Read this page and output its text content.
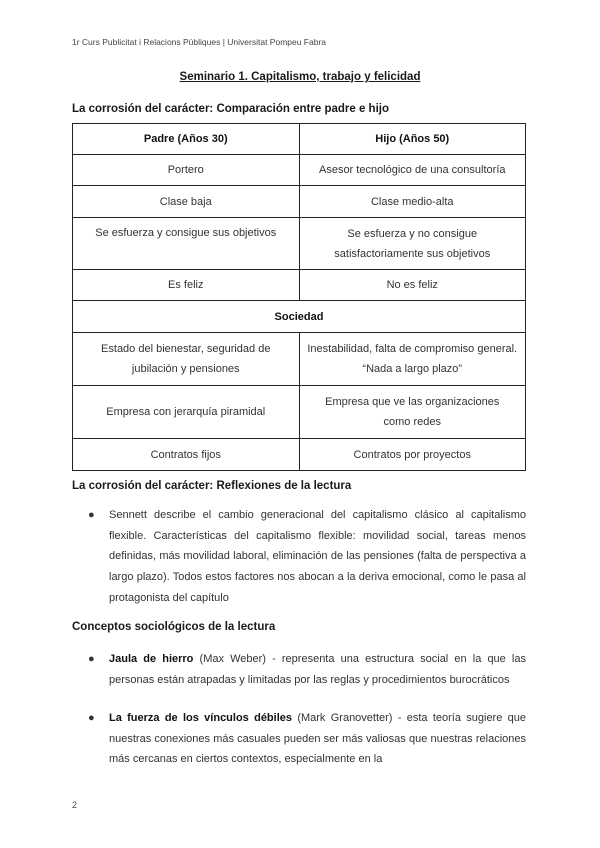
1r Curs Publicitat i Relacions Públiques | Universitat Pompeu Fabra
Seminario 1. Capitalismo, trabajo y felicidad
La corrosión del carácter: Comparación entre padre e hijo
Padre (Años 30)	Hijo (Años 50)
Portero	Asesor tecnológico de una consultoría
Clase baja	Clase medio-alta
Se esfuerza y consigue sus objetivos	Se esfuerza y no consigue satisfactoriamente sus objetivos
Es feliz	No es feliz
Sociedad	
Estado del bienestar, seguridad de jubilación y pensiones	Inestabilidad, falta de compromiso general. “Nada a largo plazo”
Empresa con jerarquía piramidal	Empresa que ve las organizaciones como redes
Contratos fijos	Contratos por proyectos
La corrosión del carácter: Reflexiones de la lectura
● Sennett describe el cambio generacional del capitalismo clásico al capitalismo flexible. Características del capitalismo flexible: movilidad social, tareas menos definidas, más movilidad laboral, eliminación de las pensiones (falta de perspectiva a largo plazo). Todos estos factores nos abocan a la deriva emocional, como le pasa al protagonista del capítulo
Conceptos sociológicos de la lectura
● Jaula de hierro (Max Weber) - representa una estructura social en la que las personas están atrapadas y limitadas por las reglas y procedimientos burocráticos
● La fuerza de los vínculos débiles (Mark Granovetter) - esta teoría sugiere que nuestras conexiones más casuales pueden ser más valiosas que nuestras relaciones más cercanas en ciertos contextos, especialmente en la
2
